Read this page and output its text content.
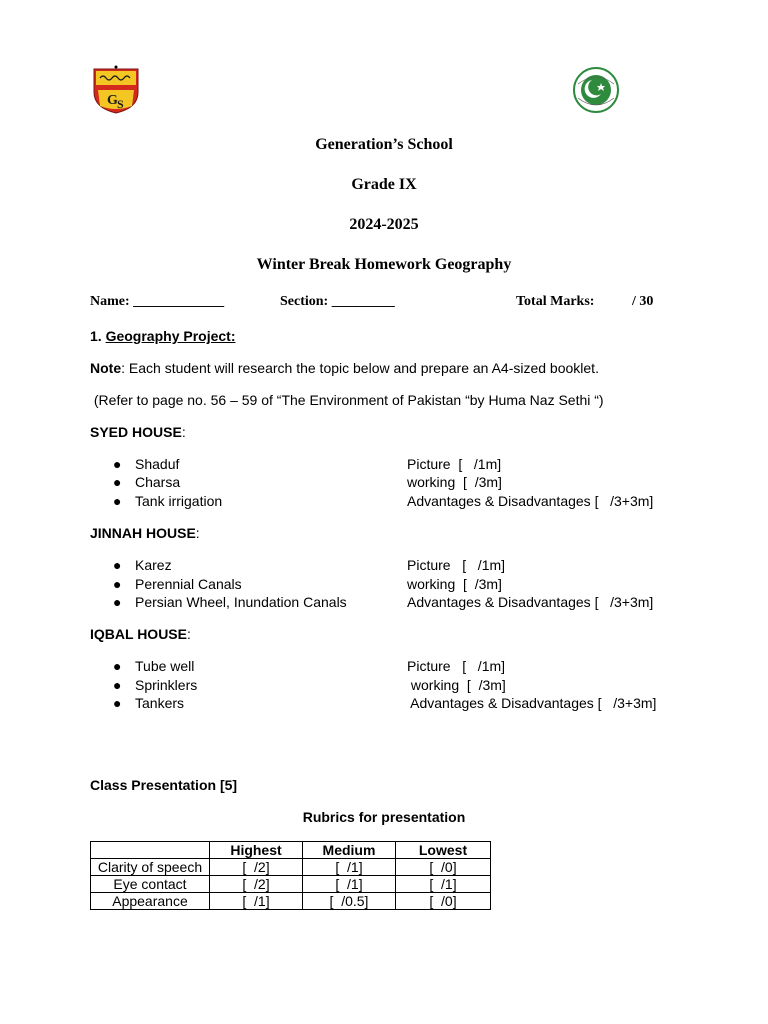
G S
Generation’s School
Grade IX
2024-2025
Winter Break Homework Geography
Name: _____________	Section: _________	Total Marks:	/ 30
1. Geography Project:
Note: Each student will research the topic below and prepare an A4-sized booklet.
(Refer to page no. 56 – 59 of “The Environment of Pakistan “by Huma Naz Sethi “)
SYED HOUSE:
● Shaduf	Picture  [   /1m]
● Charsa	working  [  /3m]
● Tank irrigation	Advantages & Disadvantages [   /3+3m]
JINNAH HOUSE:
● Karez	Picture   [   /1m]
● Perennial Canals	working  [  /3m]
● Persian Wheel, Inundation Canals	Advantages & Disadvantages [   /3+3m]
IQBAL HOUSE:
● Tube well	Picture   [   /1m]
● Sprinklers	working  [  /3m]
● Tankers	Advantages & Disadvantages [   /3+3m]
Class Presentation [5]
Rubrics for presentation
	Highest	Medium	Lowest
Clarity of speech	[  /2]	[  /1]	[  /0]
Eye contact	[  /2]	[  /1]	[  /1]
Appearance	[  /1]	[  /0.5]	[  /0]
